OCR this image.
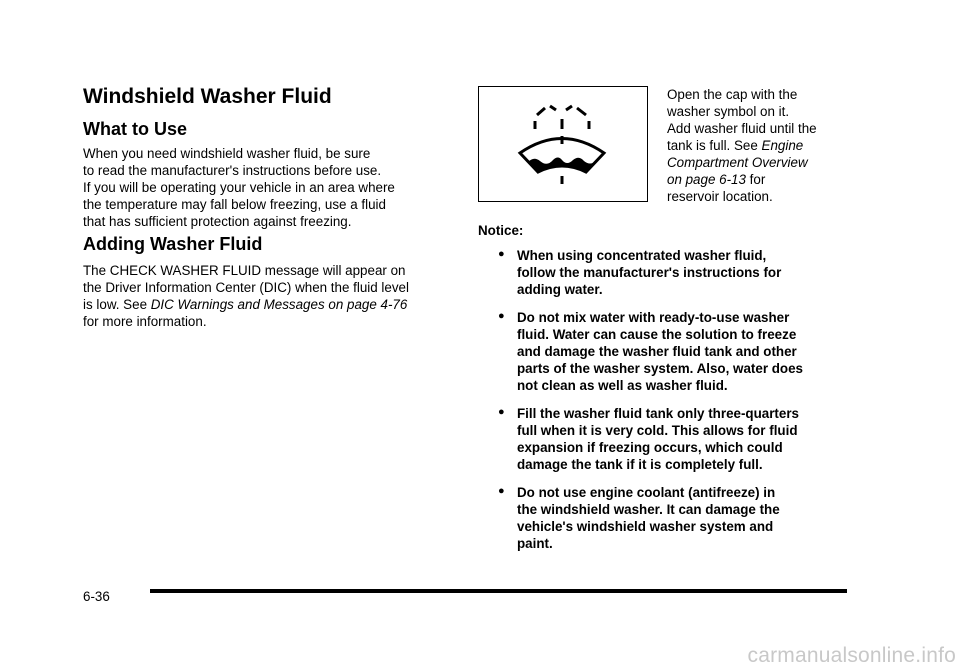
Windshield Washer Fluid
What to Use
When you need windshield washer fluid, be sure
to read the manufacturer's instructions before use.
If you will be operating your vehicle in an area where
the temperature may fall below freezing, use a fluid
that has sufficient protection against freezing.
Adding Washer Fluid
The CHECK WASHER FLUID message will appear on
the Driver Information Center (DIC) when the fluid level
is low. See DIC Warnings and Messages on page 4-76
for more information.
Open the cap with the
washer symbol on it.
Add washer fluid until the
tank is full. See Engine
Compartment Overview
on page 6-13 for
reservoir location.
Notice:
● When using concentrated washer fluid,
follow the manufacturer's instructions for
adding water.
● Do not mix water with ready-to-use washer
fluid. Water can cause the solution to freeze
and damage the washer fluid tank and other
parts of the washer system. Also, water does
not clean as well as washer fluid.
● Fill the washer fluid tank only three-quarters
full when it is very cold. This allows for fluid
expansion if freezing occurs, which could
damage the tank if it is completely full.
● Do not use engine coolant (antifreeze) in
the windshield washer. It can damage the
vehicle's windshield washer system and
paint.
6-36
carmanualsonline.info
